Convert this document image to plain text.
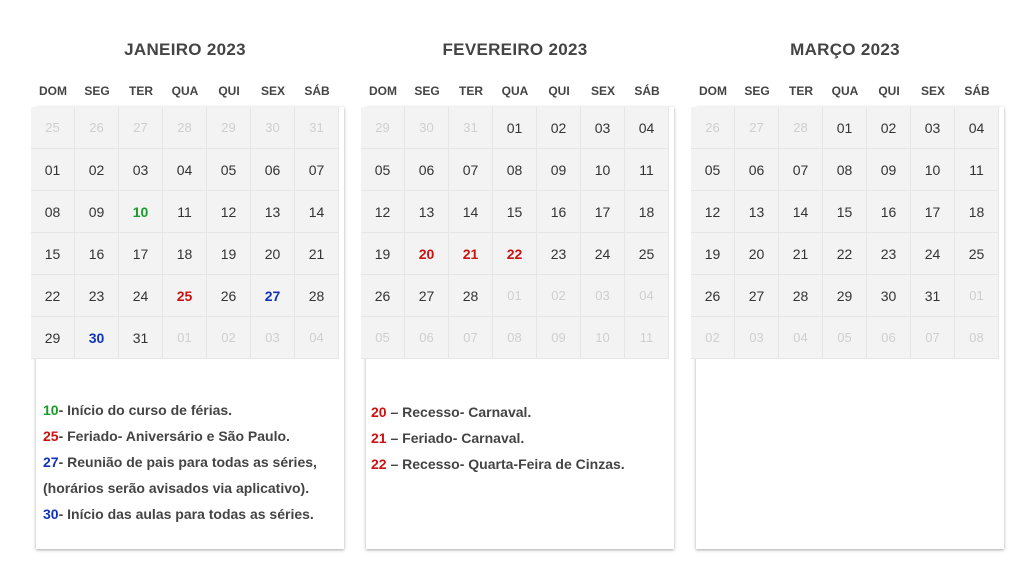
JANEIRO 2023
DOM	SEG	TER	QUA	QUI	SEX	SÁB
25	26	27	28	29	30	31
01	02	03	04	05	06	07
08	09	10	11	12	13	14
15	16	17	18	19	20	21
22	23	24	25	26	27	28
29	30	31	01	02	03	04
10- Início do curso de férias.
25- Feriado- Aniversário e São Paulo.
27- Reunião de pais para todas as séries,
(horários serão avisados via aplicativo).
30- Início das aulas para todas as séries.
FEVEREIRO 2023
DOM	SEG	TER	QUA	QUI	SEX	SÁB
29	30	31	01	02	03	04
05	06	07	08	09	10	11
12	13	14	15	16	17	18
19	20	21	22	23	24	25
26	27	28	01	02	03	04
05	06	07	08	09	10	11
20 – Recesso- Carnaval.
21 – Feriado- Carnaval.
22 – Recesso- Quarta-Feira de Cinzas.
MARÇO 2023
DOM	SEG	TER	QUA	QUI	SEX	SÁB
26	27	28	01	02	03	04
05	06	07	08	09	10	11
12	13	14	15	16	17	18
19	20	21	22	23	24	25
26	27	28	29	30	31	01
02	03	04	05	06	07	08
